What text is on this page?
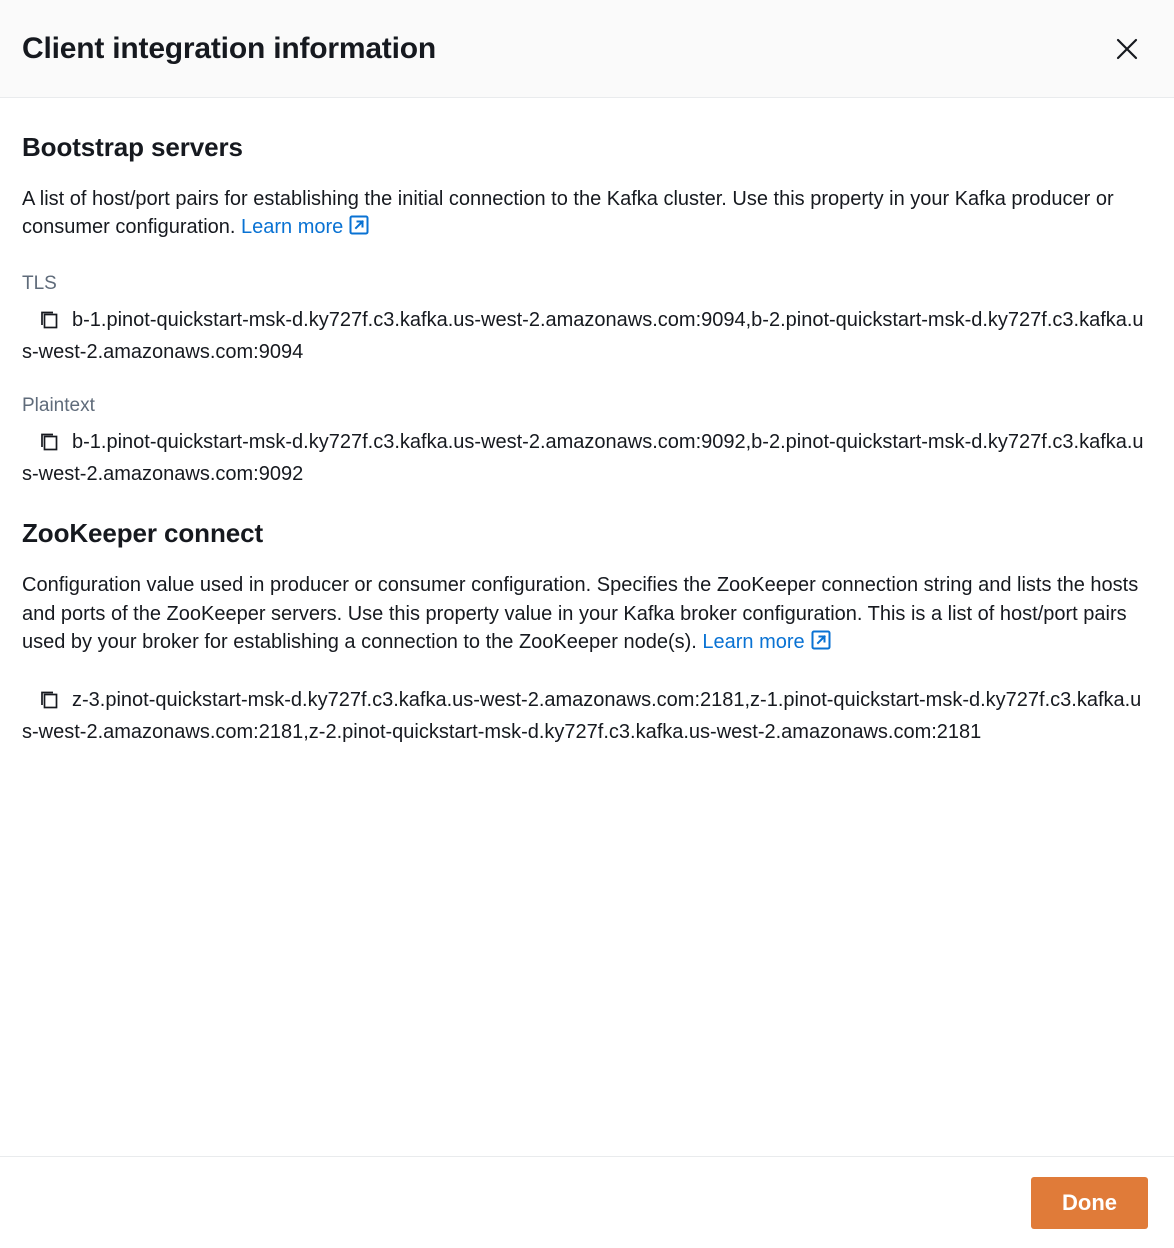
Client integration information
Bootstrap servers

A list of host/port pairs for establishing the initial connection to the Kafka cluster. Use this property in your Kafka producer or consumer configuration. Learn more

TLS
b-1.pinot-quickstart-msk-d.ky727f.c3.kafka.us-west-2.amazonaws.com:9094,b-2.pinot-quickstart-msk-d.ky727f.c3.kafka.us-west-2.amazonaws.com:9094
Plaintext
b-1.pinot-quickstart-msk-d.ky727f.c3.kafka.us-west-2.amazonaws.com:9092,b-2.pinot-quickstart-msk-d.ky727f.c3.kafka.us-west-2.amazonaws.com:9092
ZooKeeper connect

Configuration value used in producer or consumer configuration. Specifies the ZooKeeper connection string and lists the hosts and ports of the ZooKeeper servers. Use this property value in your Kafka broker configuration. This is a list of host/port pairs used by your broker for establishing a connection to the ZooKeeper node(s). Learn more

z-3.pinot-quickstart-msk-d.ky727f.c3.kafka.us-west-2.amazonaws.com:2181,z-1.pinot-quickstart-msk-d.ky727f.c3.kafka.us-west-2.amazonaws.com:2181,z-2.pinot-quickstart-msk-d.ky727f.c3.kafka.us-west-2.amazonaws.com:2181
Done
